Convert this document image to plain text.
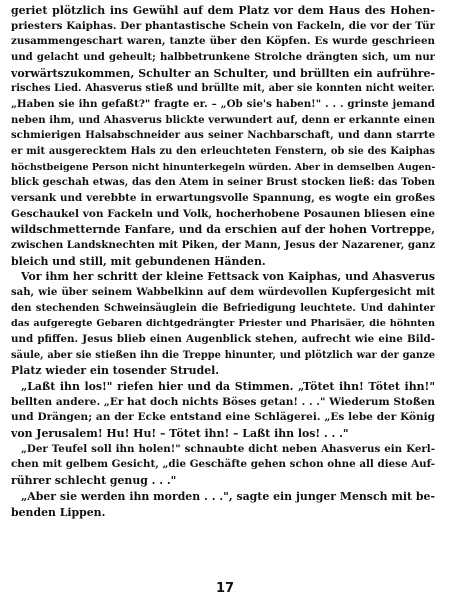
geriet plötzlich ins Gewühl auf dem Platz vor dem Haus des Hohen-
priesters Kaiphas. Der phantastische Schein von Fackeln, die vor der Tür
zusammengeschart waren, tanzte über den Köpfen. Es wurde geschrieen
und gelacht und geheult; halbbetrunkene Strolche drängten sich, um nur
vorwärtszukommen, Schulter an Schulter, und brüllten ein aufrühre-
risches Lied. Ahasverus stieß und brüllte mit, aber sie konnten nicht weiter.
„Haben sie ihn gefaßt?" fragte er. – „Ob sie's haben!" . . . grinste jemand
neben ihm, und Ahasverus blickte verwundert auf, denn er erkannte einen
schmierigen Halsabschneider aus seiner Nachbarschaft, und dann starrte
er mit ausgerecktem Hals zu den erleuchteten Fenstern, ob sie des Kaiphas
höchstbeigene Person nicht hinunterkegeln würden. Aber in demselben Augen-
blick geschah etwas, das den Atem in seiner Brust stocken ließ: das Toben
versank und verebbte in erwartungsvolle Spannung, es wogte ein großes
Geschaukel von Fackeln und Volk, hocherhobene Posaunen bliesen eine
wildschmetternde Fanfare, und da erschien auf der hohen Vortreppe,
zwischen Landsknechten mit Piken, der Mann, Jesus der Nazarener, ganz
bleich und still, mit gebundenen Händen.
Vor ihm her schritt der kleine Fettsack von Kaiphas, und Ahasverus
sah, wie über seinem Wabbelkinn auf dem würdevollen Kupfergesicht mit
den stechenden Schweinsäuglein die Befriedigung leuchtete. Und dahinter
das aufgeregte Gebaren dichtgedrängter Priester und Pharisäer, die höhnten
und pfiffen. Jesus blieb einen Augenblick stehen, aufrecht wie eine Bild-
säule, aber sie stießen ihn die Treppe hinunter, und plötzlich war der ganze
Platz wieder ein tosender Strudel.
„Laßt ihn los!" riefen hier und da Stimmen. „Tötet ihn! Tötet ihn!"
bellten andere. „Er hat doch nichts Böses getan! . . ." Wiederum Stoßen
und Drängen; an der Ecke entstand eine Schlägerei. „Es lebe der König
von Jerusalem! Hu! Hu! – Tötet ihn! – Laßt ihn los! . . ."
„Der Teufel soll ihn holen!" schnaubte dicht neben Ahasverus ein Kerl-
chen mit gelbem Gesicht, „die Geschäfte gehen schon ohne all diese Auf-
rührer schlecht genug . . ."
„Aber sie werden ihn morden . . .", sagte ein junger Mensch mit be-
benden Lippen.
17
